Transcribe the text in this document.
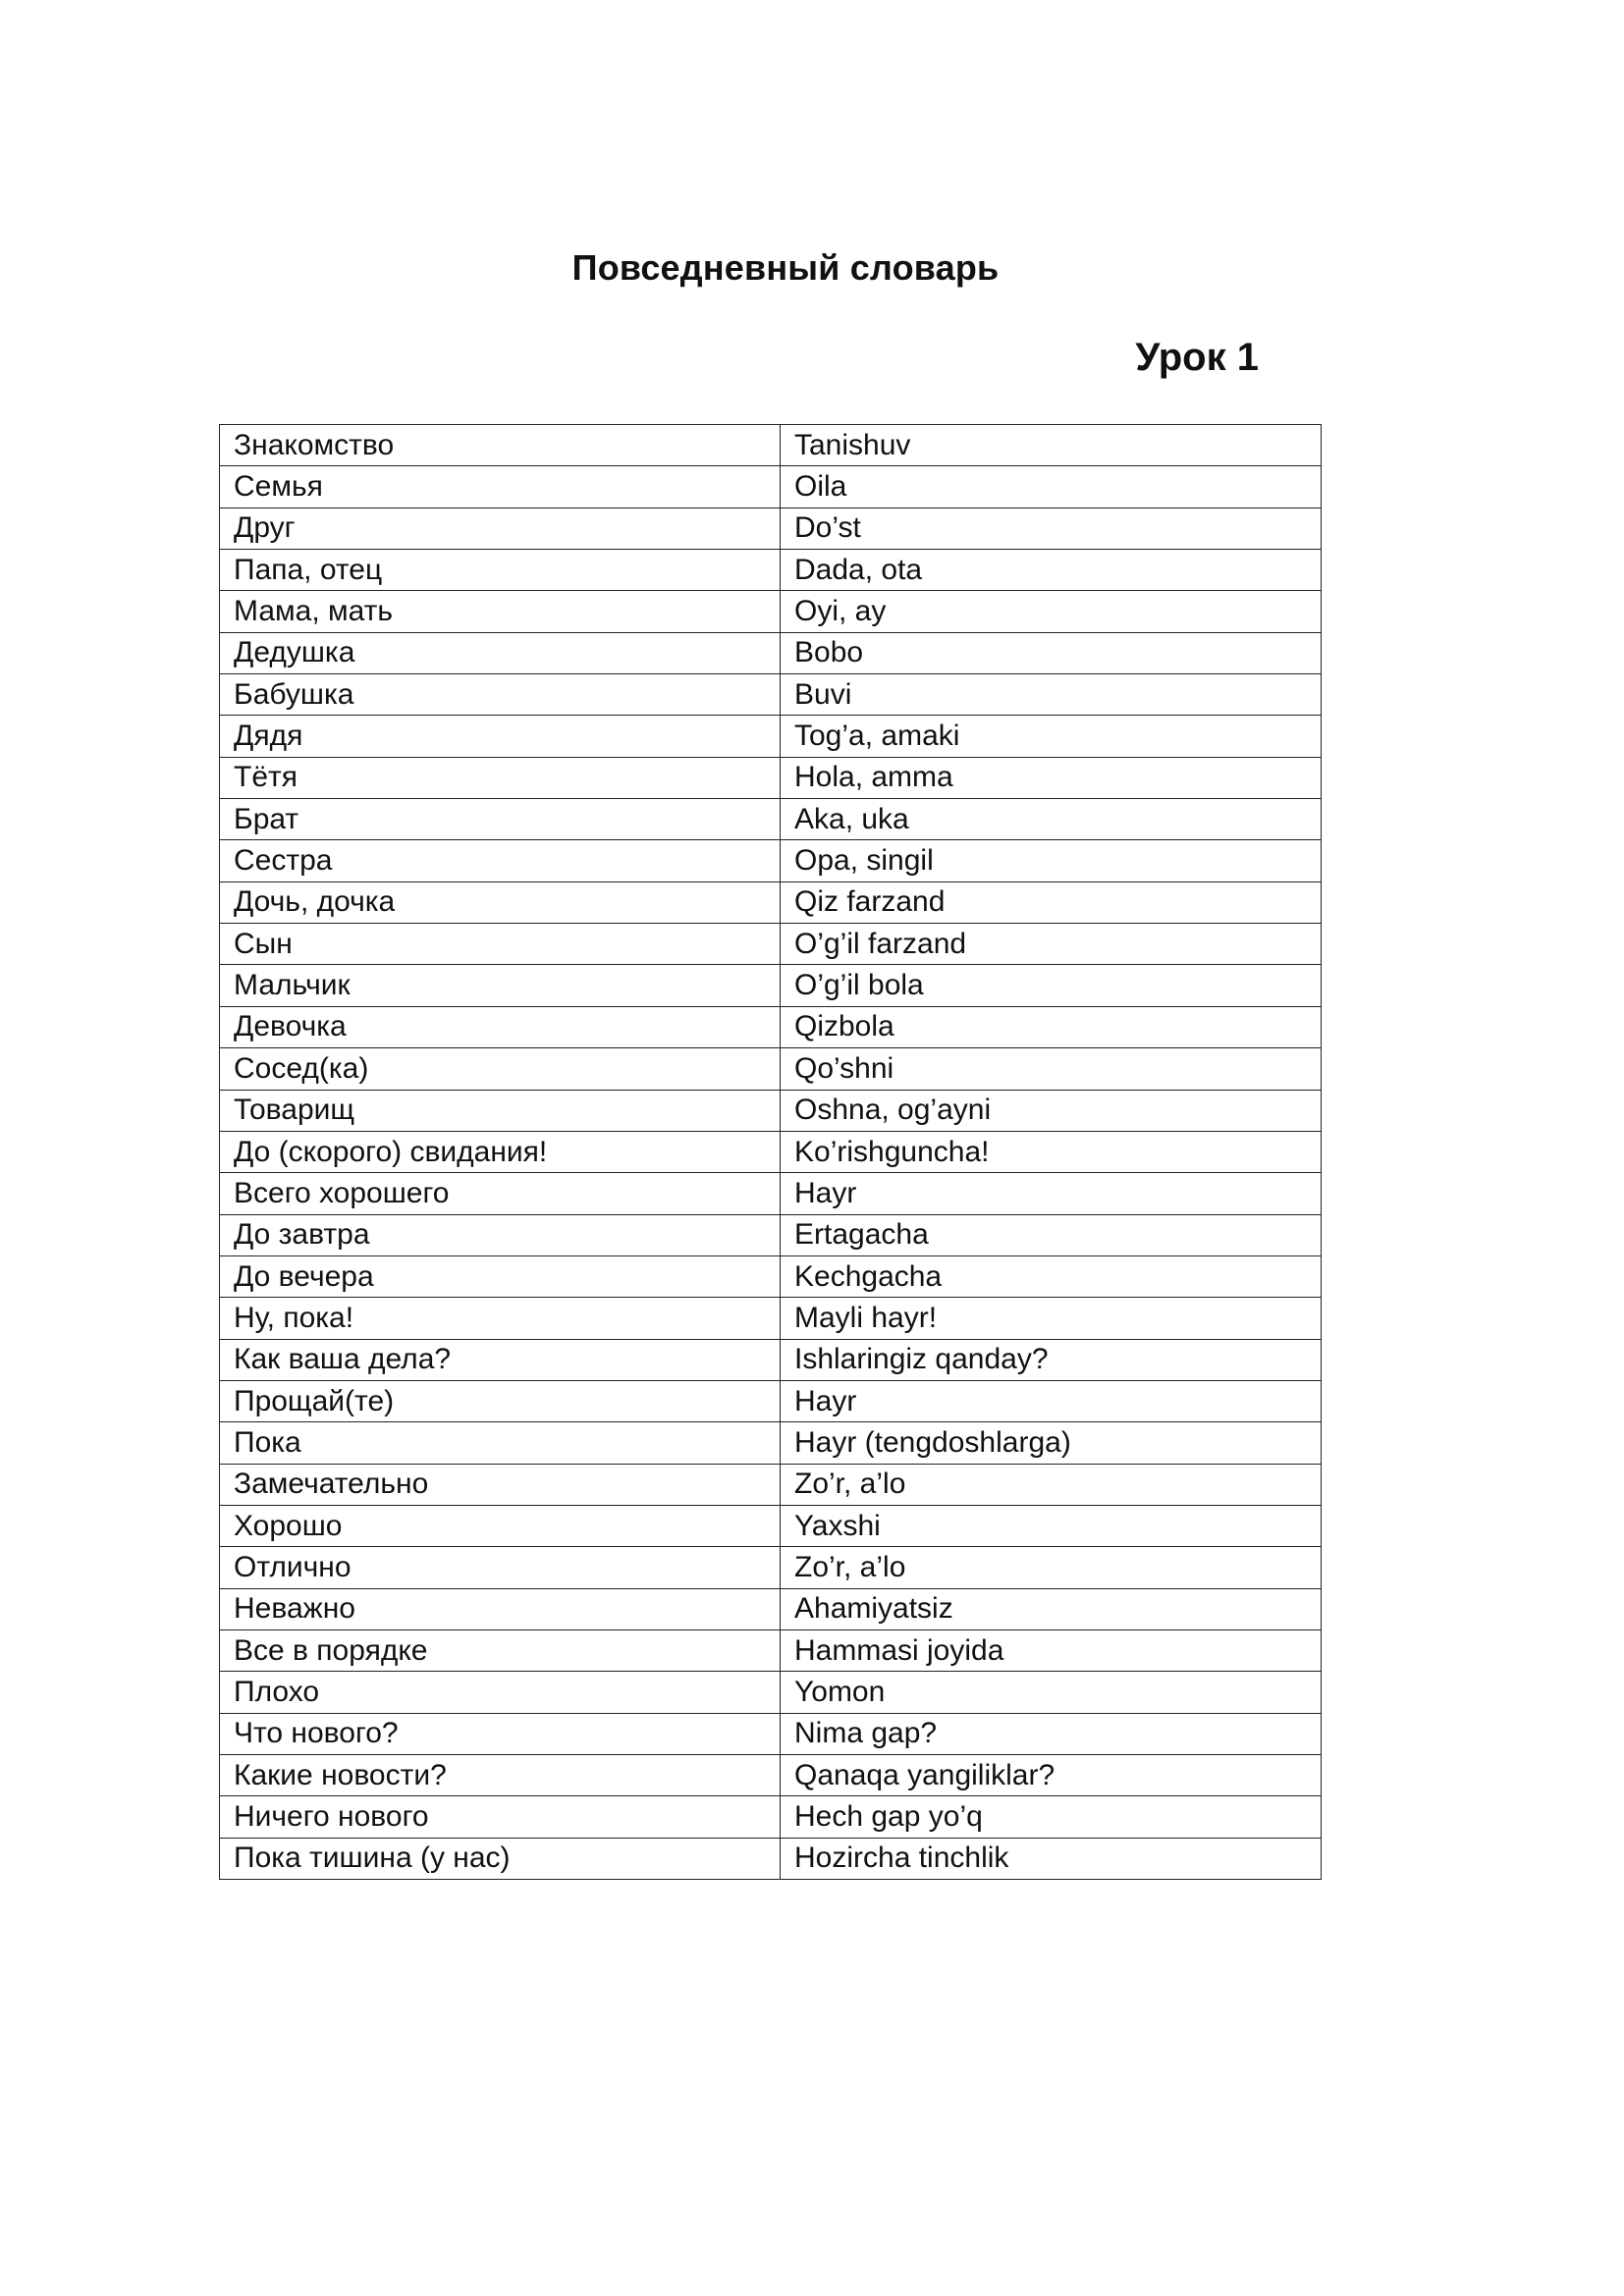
Повседневный словарь
Урок 1
Знакомство	Tanishuv
Семья	Oila
Друг	Do’st
Папа, отец	Dada, ota
Мама, мать	Oyi, ay
Дедушка	Bobo
Бабушка	Buvi
Дядя	Tog’a, amaki
Тётя	Hola, amma
Брат	Aka, uka
Сестра	Opa, singil
Дочь, дочка	Qiz farzand
Сын	O’g’il farzand
Мальчик	O’g’il bola
Девочка	Qizbola
Сосед(ка)	Qo’shni
Товарищ	Oshna, og’ayni
До (скорого) свидания!	Ko’rishguncha!
Всего хорошего	Hayr
До завтра	Ertagacha
До вечера	Kechgacha
Ну, пока!	Mayli hayr!
Как ваша дела?	Ishlaringiz qanday?
Прощай(те)	Hayr
Пока	Hayr (tengdoshlarga)
Замечательно	Zo’r, a’lo
Хорошо	Yaxshi
Отлично	Zo’r, a’lo
Неважно	Ahamiyatsiz
Все в порядке	Hammasi joyida
Плохо	Yomon
Что нового?	Nima gap?
Какие новости?	Qanaqa yangiliklar?
Ничего нового	Hech gap yo’q
Пока тишина (у нас)	Hozircha tinchlik
